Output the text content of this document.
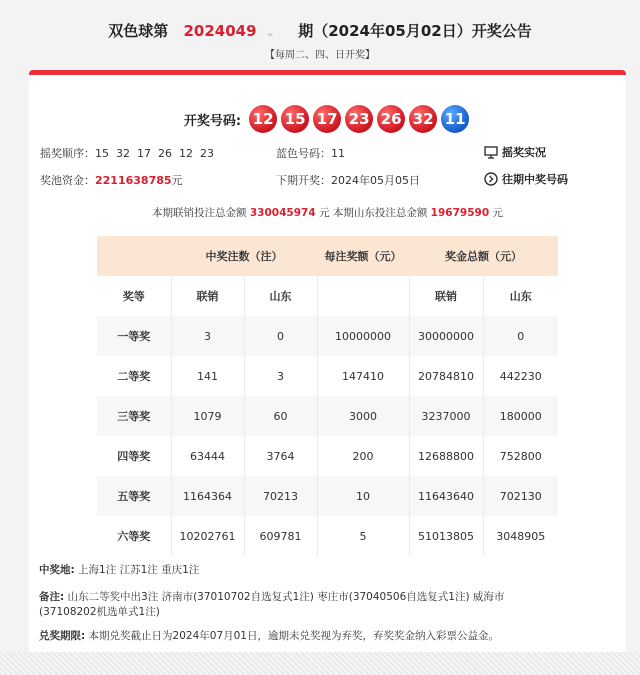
双色球第 2024049 ⌄ 期（2024年05月02日）开奖公告
【每周二、四、日开奖】
开奖号码: 12 15 17 23 26 32 11
摇奖顺序：15  32  17  26  12  23	蓝色号码：11	摇奖实况
奖池资金：2211638785元	下期开奖：2024年05月05日	往期中奖号码
本期联销投注总金额 330045974 元 本期山东投注总金额 19679590 元
	中奖注数（注）		每注奖额（元）	奖金总额（元）	
奖等	联销	山东		联销	山东
一等奖	3	0	10000000	30000000	0
二等奖	141	3	147410	20784810	442230
三等奖	1079	60	3000	3237000	180000
四等奖	63444	3764	200	12688800	752800
五等奖	1164364	70213	10	11643640	702130
六等奖	10202761	609781	5	51013805	3048905
中奖地: 上海1注 江苏1注 重庆1注
备注: 山东二等奖中出3注 济南市(37010702自选复式1注) 枣庄市(37040506自选复式1注) 威海市(37108202机选单式1注)
兑奖期限: 本期兑奖截止日为2024年07月01日，逾期未兑奖视为弃奖，弃奖奖金纳入彩票公益金。
